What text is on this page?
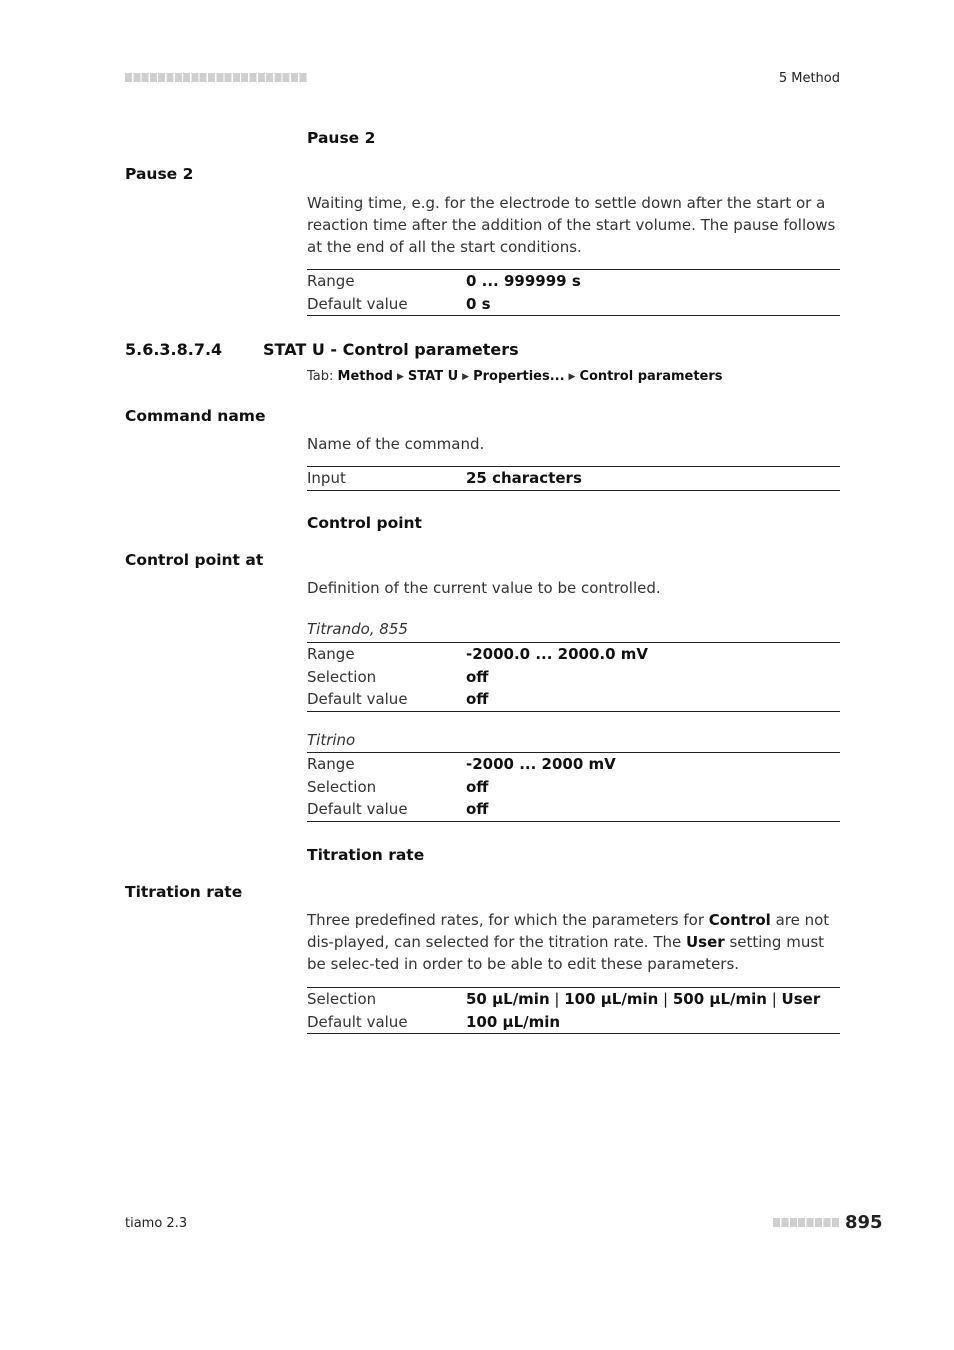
5 Method
Pause 2
Pause 2
Waiting time, e.g. for the electrode to settle down after the start or a reaction time after the addition of the start volume. The pause follows at the end of all the start conditions.
Range	0 ... 999999 s
Default value	0 s
5.6.3.8.7.4	STAT U - Control parameters
Tab: Method ▶ STAT U ▶ Properties... ▶ Control parameters
Command name
Name of the command.
Input	25 characters
Control point
Control point at
Definition of the current value to be controlled.
Titrando, 855
Range	-2000.0 ... 2000.0 mV
Selection	off
Default value	off
Titrino
Range	-2000 ... 2000 mV
Selection	off
Default value	off
Titration rate
Titration rate
Three predefined rates, for which the parameters for Control are not dis-played, can selected for the titration rate. The User setting must be selec-ted in order to be able to edit these parameters.
Selection	50 µL/min | 100 µL/min | 500 µL/min | User
Default value	100 µL/min
tiamo 2.3	895
